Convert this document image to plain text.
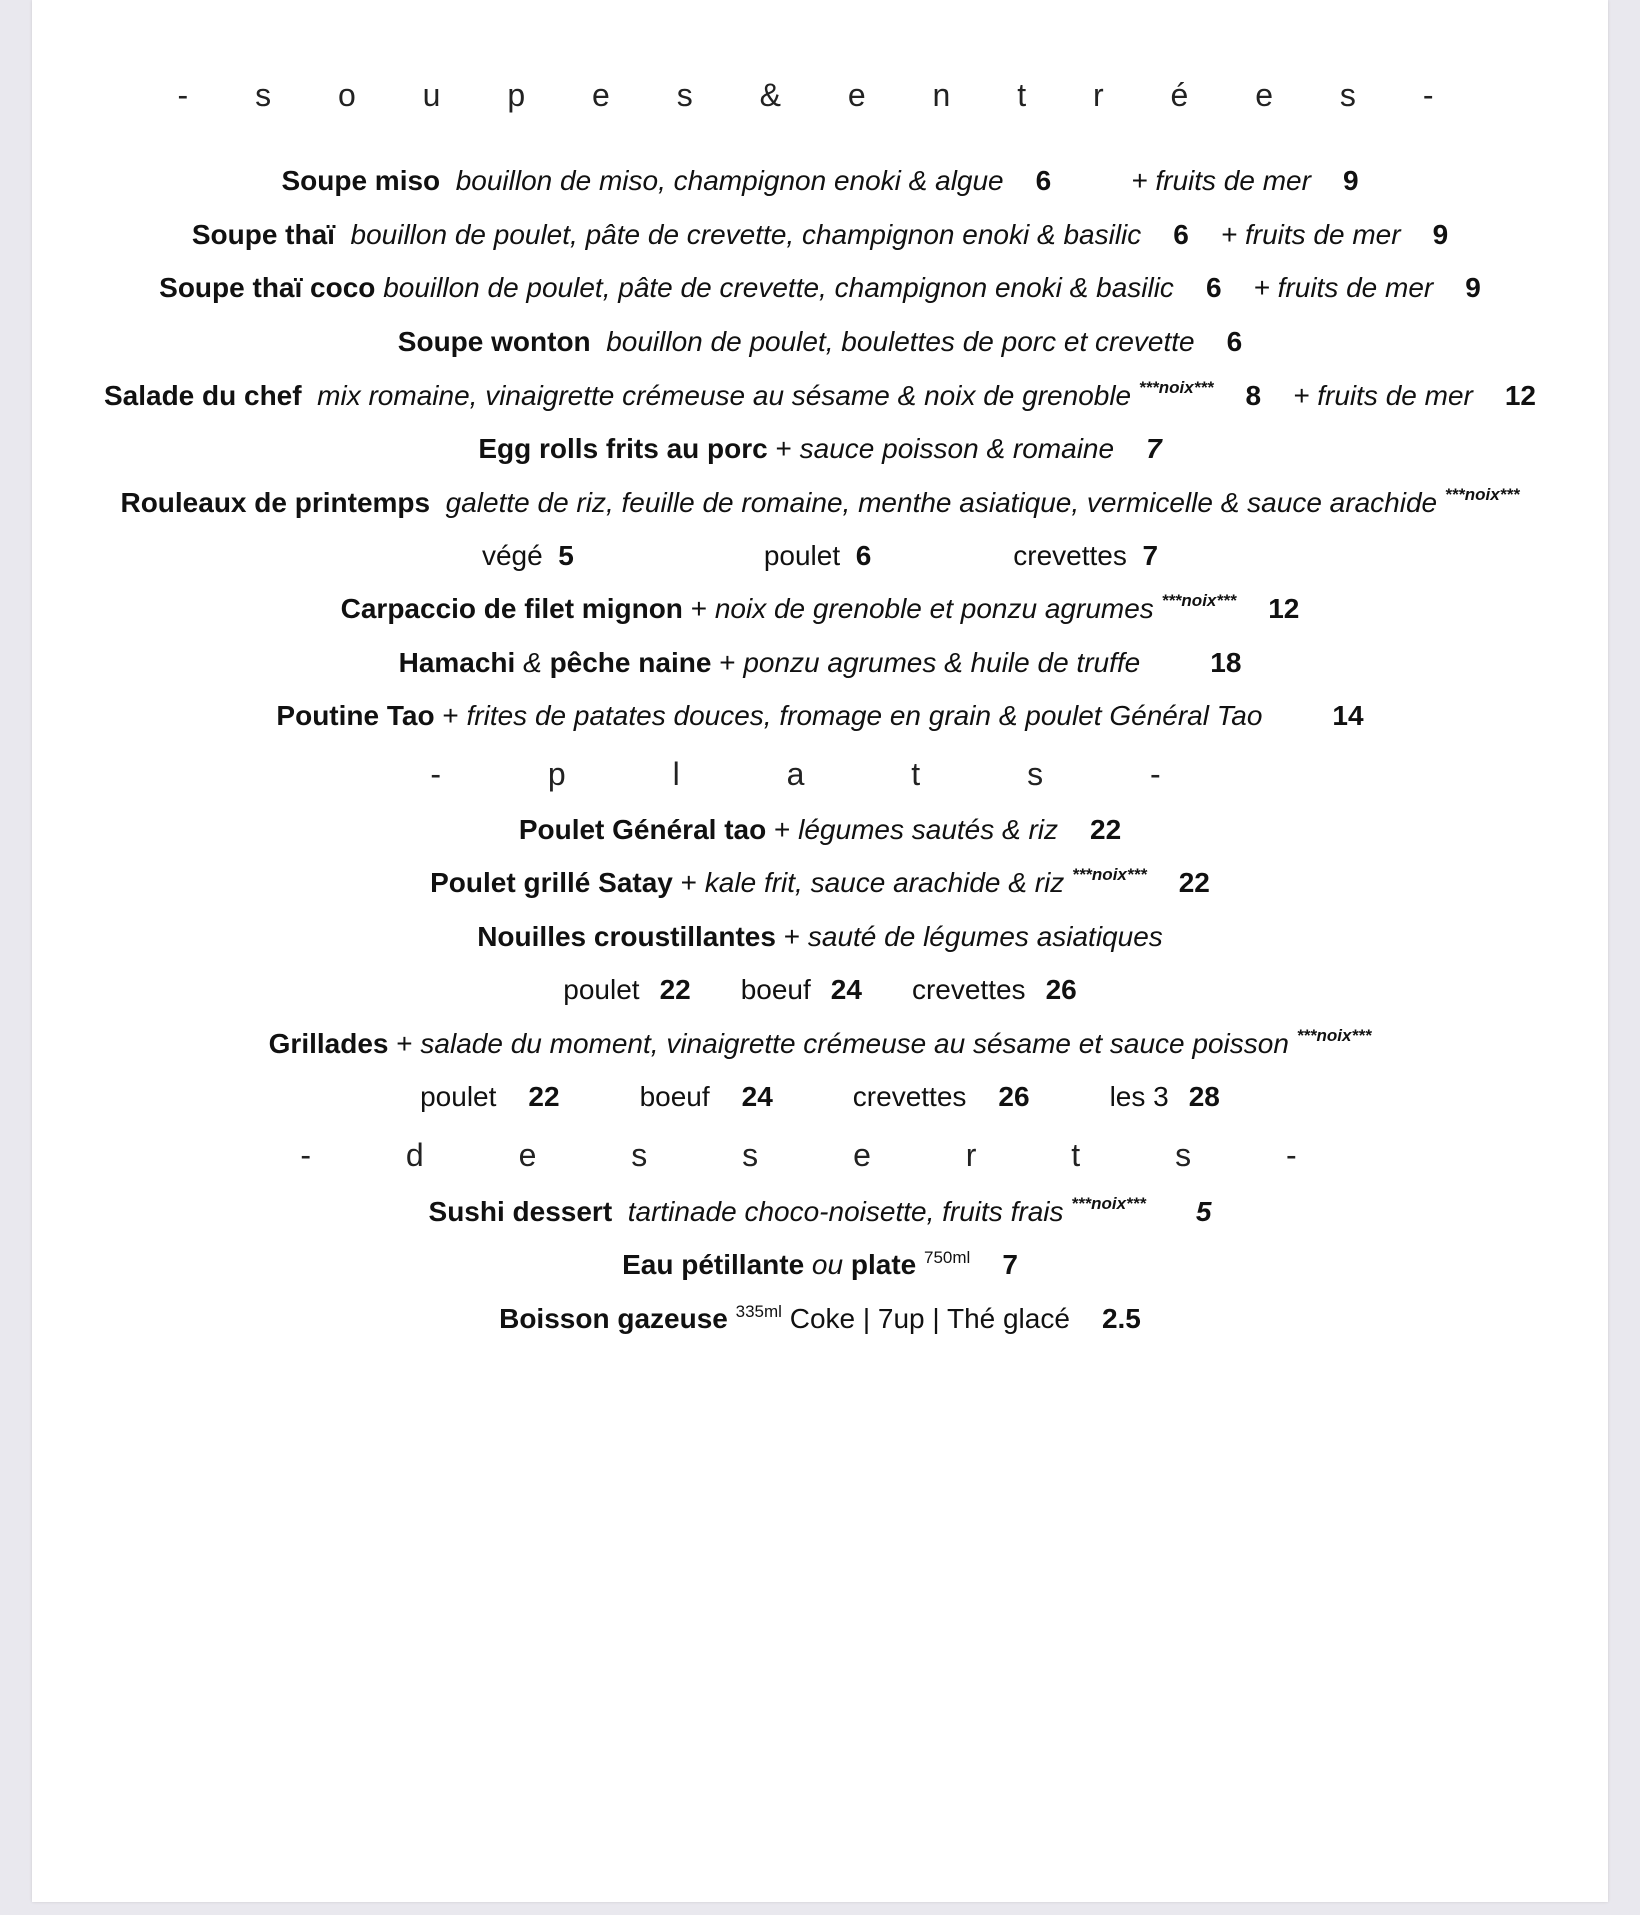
- s o u p e s & e n t r é e s -
Soupe miso bouillon de miso, champignon enoki & algue 6	+ fruits de mer 9
Soupe thaï bouillon de poulet, pâte de crevette, champignon enoki & basilic 6 + fruits de mer 9
Soupe thaï coco bouillon de poulet, pâte de crevette, champignon enoki & basilic 6 + fruits de mer 9
Soupe wonton bouillon de poulet, boulettes de porc et crevette 6
Salade du chef mix romaine, vinaigrette crémeuse au sésame & noix de grenoble $^{***noix***}$ 8 + fruits de mer 12
Egg rolls frits au porc + sauce poisson & romaine 7
Rouleaux de printemps galette de riz, feuille de romaine, menthe asiatique, vermicelle & sauce arachide $^{***noix***}$
végé 5	poulet 6	crevettes 7
Carpaccio de filet mignon + noix de grenoble et ponzu agrumes $^{***noix***}$ 12
Hamachi & pêche naine + ponzu agrumes & huile de truffe	18
Poutine Tao + frites de patates douces, fromage en grain & poulet Général Tao	14
- p l a t s -
Poulet Général tao + légumes sautés & riz 22
Poulet grillé Satay + kale frit, sauce arachide & riz $^{***noix***}$ 22
Nouilles croustillantes + sauté de légumes asiatiques
poulet 22 boeuf 24 crevettes 26
Grillades + salade du moment, vinaigrette crémeuse au sésame et sauce poisson $^{***noix***}$
poulet 22	boeuf 24	crevettes 26	les 3 28
- d e s s e r t s -
Sushi dessert tartinade choco-noisette, fruits frais $^{***noix***}$ 5
Eau pétillante ou plate $^{750ml}$ 7
Boisson gazeuse $^{335ml}$ Coke | 7up | Thé glacé 2.5
